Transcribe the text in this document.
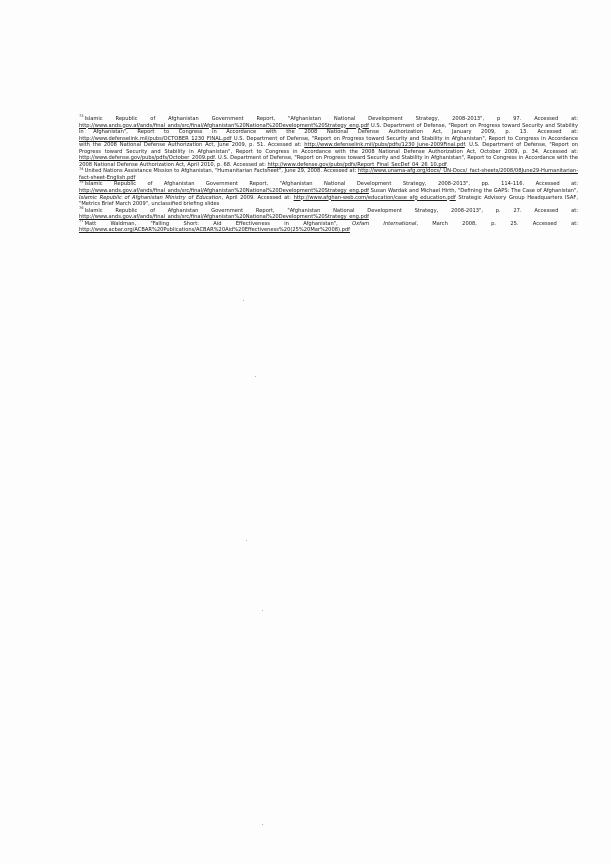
$^{73}$Islamic Republic of Afghanistan Government Report, "Afghanistan National Development Strategy, 2008-2013", p 97. Accessed at: http://www.ands.gov.af/ands/final_ands/src/final/Afghanistan%20National%20Development%20Strategy_eng.pdf U.S. Department of Defense, "Report on Progress toward Security and Stability in Afghanistan", Report to Congress in Accordance with the 2008 National Defense Authorization Act, January 2009, p. 13. Accessed at: http://www.defenselink.mil/pubs/OCTOBER_1230_FINAL.pdf U.S. Department of Defense, "Report on Progress toward Security and Stability in Afghanistan", Report to Congress in Accordance with the 2008 National Defense Authorization Act, June 2009, p. 51. Accessed at: http://www.defenselink.mil/pubs/pdfs/1230_June-2009Final.pdf. U.S. Department of Defense, "Report on Progress toward Security and Stability in Afghanistan", Report to Congress in Accordance with the 2008 National Defense Authorization Act, October 2009, p. 34. Accessed at: http://www.defense.gov/pubs/pdfs/October_2009.pdf. U.S. Department of Defense, "Report on Progress toward Security and Stability in Afghanistan", Report to Congress in Accordance with the 2008 National Defense Authorization Act, April 2010, p. 68. Accessed at: http://www.defense.gov/pubs/pdfs/Report_Final_SecDef_04_26_10.pdf

$^{74}$United Nations Assistance Mission to Afghanistan, "Humanitarian Factsheet", June 29, 2008. Accessed at: http://www.unama-afg.org/docs/_UN-Docs/_fact-sheets/2008/08June29-Humanitarian-fact-sheet-English.pdf

$^{75}$Islamic Republic of Afghanistan Government Report, "Afghanistan National Development Strategy, 2008-2013", pp. 114-116. Accessed at: http://www.ands.gov.af/ands/final_ands/src/final/Afghanistan%20National%20Development%20Strategy_eng.pdf Susan Wardak and Michael Hirth, "Defining the GAPS: The Case of Afghanistan", Islamic Republic of Afghanistan Ministry of Education, April 2009. Accessed at: http://www.afghan-web.com/education/case_afg_education.pdf Strategic Advisory Group Headquarters ISAF, "Metrics Brief March 2009", unclassified briefing slides

$^{76}$Islamic Republic of Afghanistan Government Report, "Afghanistan National Development Strategy, 2008-2013", p. 27. Accessed at: http://www.ands.gov.af/ands/final_ands/src/final/Afghanistan%20National%20Development%20Strategy_eng.pdf

$^{77}$Matt Waldman, "Falling Short: Aid Effectiveness in Afghanistan", Oxfam International, March 2008, p. 25. Accessed at: http://www.acbar.org/ACBAR%20Publications/ACBAR%20Aid%20Effectiveness%20(25%20Mar%2008).pdf
